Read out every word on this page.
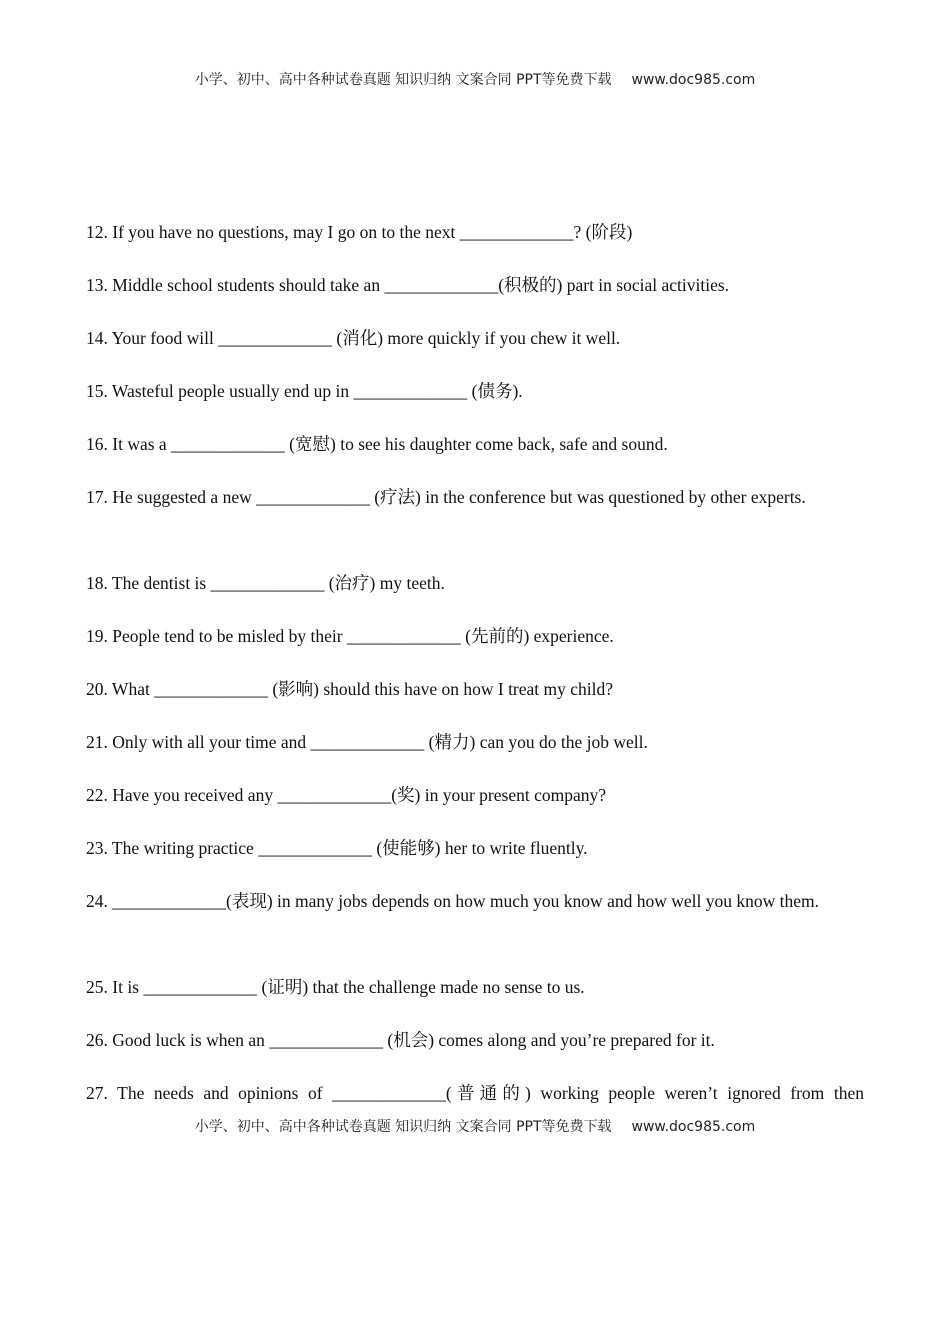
小学、初中、高中各种试卷真题 知识归纳 文案合同 PPT等免费下载 www.doc985.com
12. If you have no questions, may I go on to the next _____________? (阶段)
13. Middle school students should take an _____________(积极的) part in social activities.
14. Your food will _____________ (消化) more quickly if you chew it well.
15. Wasteful people usually end up in _____________ (债务).
16. It was a _____________ (宽慰) to see his daughter come back, safe and sound.
17. He suggested a new _____________ (疗法) in the conference but was questioned by other experts.
18. The dentist is _____________ (治疗) my teeth.
19. People tend to be misled by their _____________ (先前的) experience.
20. What _____________ (影响) should this have on how I treat my child?
21. Only with all your time and _____________ (精力) can you do the job well.
22. Have you received any _____________(奖) in your present company?
23. The writing practice _____________ (使能够) her to write fluently.
24. _____________(表现) in many jobs depends on how much you know and how well you know them.
25. It is _____________ (证明) that the challenge made no sense to us.
26. Good luck is when an _____________ (机会) comes along and you’re prepared for it.
27. The needs and opinions of _____________(普通的) working people weren’t ignored from then
小学、初中、高中各种试卷真题 知识归纳 文案合同 PPT等免费下载 www.doc985.com
